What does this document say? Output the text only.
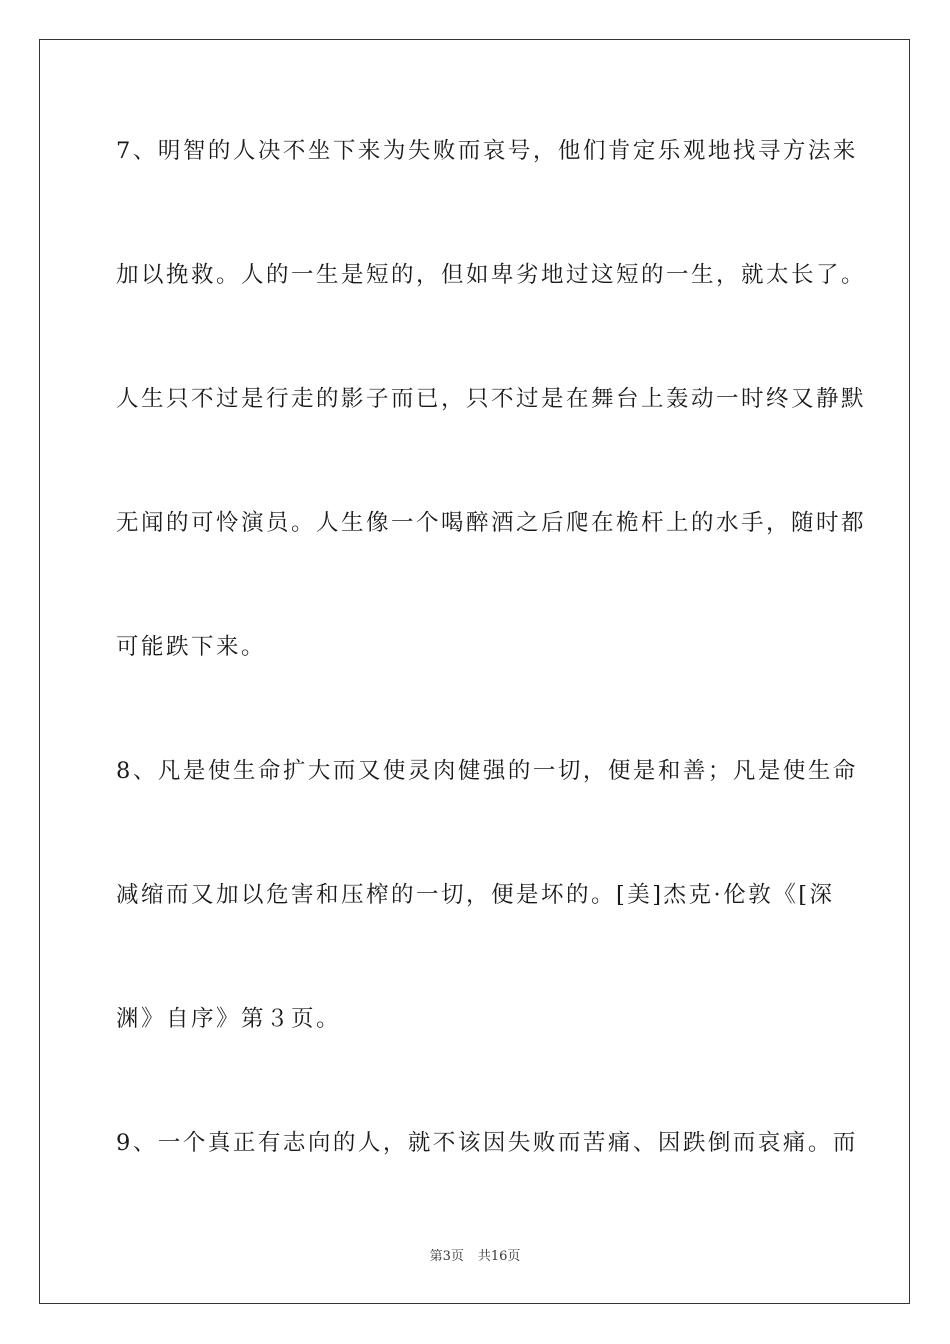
7、明智的人决不坐下来为失败而哀号，他们肯定乐观地找寻方法来
加以挽救。人的一生是短的，但如卑劣地过这短的一生，就太长了。
人生只不过是行走的影子而已，只不过是在舞台上轰动一时终又静默
无闻的可怜演员。人生像一个喝醉酒之后爬在桅杆上的水手，随时都
可能跌下来。
8、凡是使生命扩大而又使灵肉健强的一切，便是和善；凡是使生命
减缩而又加以危害和压榨的一切，便是坏的。[美]杰克·伦敦《[深
渊》自序》第３页。
9、一个真正有志向的人，就不该因失败而苦痛、因跌倒而哀痛。而
第3页 共16页
